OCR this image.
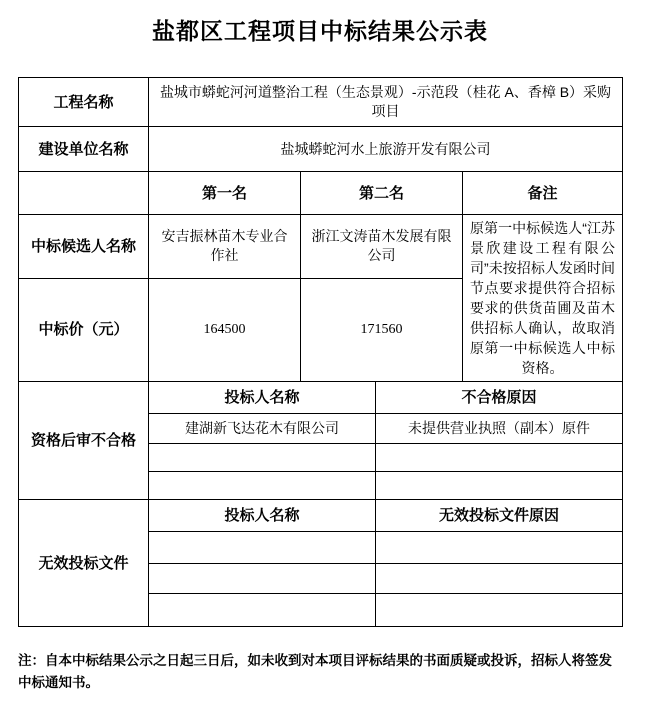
盐都区工程项目中标结果公示表
工程名称	盐城市蟒蛇河河道整治工程（生态景观）-示范段（桂花 A、香樟 B）采购项目			
建设单位名称	盐城蟒蛇河水上旅游开发有限公司			
	第一名	第二名		备注
中标候选人名称	安吉振林苗木专业合作社	浙江文涛苗木发展有限公司		原第一中标候选人“江苏景欣建设工程有限公司”未按招标人发函时间节点要求提供符合招标要求的供货苗圃及苗木供招标人确认，故取消原第一中标候选人中标资格。
中标价（元）	164500	171560		
资格后审不合格	投标人名称		不合格原因	
	建湖新飞达花木有限公司		未提供营业执照（副本）原件	

无效投标文件	投标人名称		无效投标文件原因	

注：自本中标结果公示之日起三日后，如未收到对本项目评标结果的书面质疑或投诉，招标人将签发中标通知书。
